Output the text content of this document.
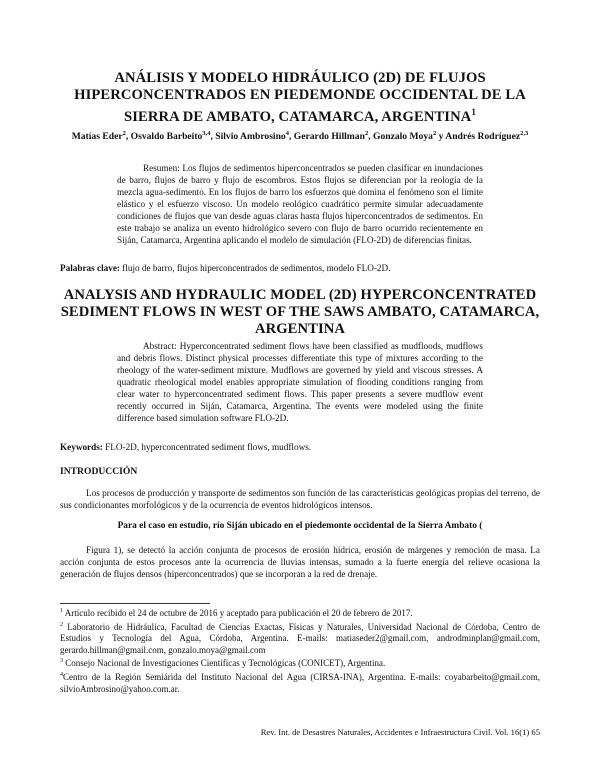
ANÁLISIS Y MODELO HIDRÁULICO (2D) DE FLUJOS
HIPERCONCENTRADOS EN PIEDEMONDE OCCIDENTAL DE LA
SIERRA DE AMBATO, CATAMARCA, ARGENTINA$^1$
Matías Eder$^2$, Osvaldo Barbeito$^{3,4}$, Silvio Ambrosino$^4$, Gerardo Hillman$^2$, Gonzalo Moya$^2$ y Andrés Rodríguez$^{2,3}$
Resumen: Los flujos de sedimentos hiperconcentrados se pueden clasificar en inundaciones de barro, flujos de barro y flujo de escombros. Estos flujos se diferencian por la reología de la mezcla agua-sedimento. En los flujos de barro los esfuerzos que domina el fenómeno son el límite elástico y el esfuerzo viscoso. Un modelo reológico cuadrático permite simular adecuadamente condiciones de flujos que van desde aguas claras hasta flujos hiperconcentrados de sedimentos. En este trabajo se analiza un evento hidrológico severo con flujo de barro ocurrido recientemente en Siján, Catamarca, Argentina aplicando el modelo de simulación (FLO-2D) de diferencias finitas.
Palabras clave: flujo de barro, flujos hiperconcentrados de sedimentos, modelo FLO-2D.
ANALYSIS AND HYDRAULIC MODEL (2D) HYPERCONCENTRATED
SEDIMENT FLOWS IN WEST OF THE SAWS AMBATO, CATAMARCA,
ARGENTINA
Abstract: Hyperconcentrated sediment flows have been classified as mudfloods, mudflows and debris flows. Distinct physical processes differentiate this type of mixtures according to the rheology of the water-sediment mixture. Mudflows are governed by yield and viscous stresses. A quadratic rheological model enables appropriate simulation of flooding conditions ranging from clear water to hyperconcentrated sediment flows. This paper presents a severe mudflow event recently occurred in Siján, Catamarca, Argentina. The events were modeled using the finite difference based simulation software FLO-2D.
Keywords: FLO-2D, hyperconcentrated sediment flows, mudflows.
INTRODUCCIÓN
Los procesos de producción y transporte de sedimentos son función de las características geológicas propias del terreno, de sus condicionantes morfológicos y de la ocurrencia de eventos hidrológicos intensos.
Para el caso en estudio, río Siján ubicado en el piedemonte occidental de la Sierra Ambato (
Figura 1), se detectó la acción conjunta de procesos de erosión hídrica, erosión de márgenes y remoción de masa. La acción conjunta de estos procesos ante la ocurrencia de lluvias intensas, sumado a la fuerte energía del relieve ocasiona la generación de flujos densos (hiperconcentrados) que se incorporan a la red de drenaje.
$^1$ Artículo recibido el 24 de octubre de 2016 y aceptado para publicación el 20 de febrero de 2017.
$^2$ Laboratorio de Hidráulica, Facultad de Ciencias Exactas, Físicas y Naturales, Universidad Nacional de Córdoba, Centro de Estudios y Tecnología del Agua, Córdoba, Argentina. E-mails: matiaseder2@gmail.com, androdminplan@gmail.com, gerardo.hillman@gmail.com, gonzalo.moya@gmail.com
$^3$ Consejo Nacional de Investigaciones Científicas y Tecnológicas (CONICET), Argentina.
$^4$Centro de la Región Semiárida del Instituto Nacional del Agua (CIRSA-INA), Argentina. E-mails: coyabarbeito@gmail.com, silvioAmbrosino@yahoo.com.ar.
Rev. Int. de Desastres Naturales, Accidentes e Infraestructura Civil. Vol. 16(1) 65
